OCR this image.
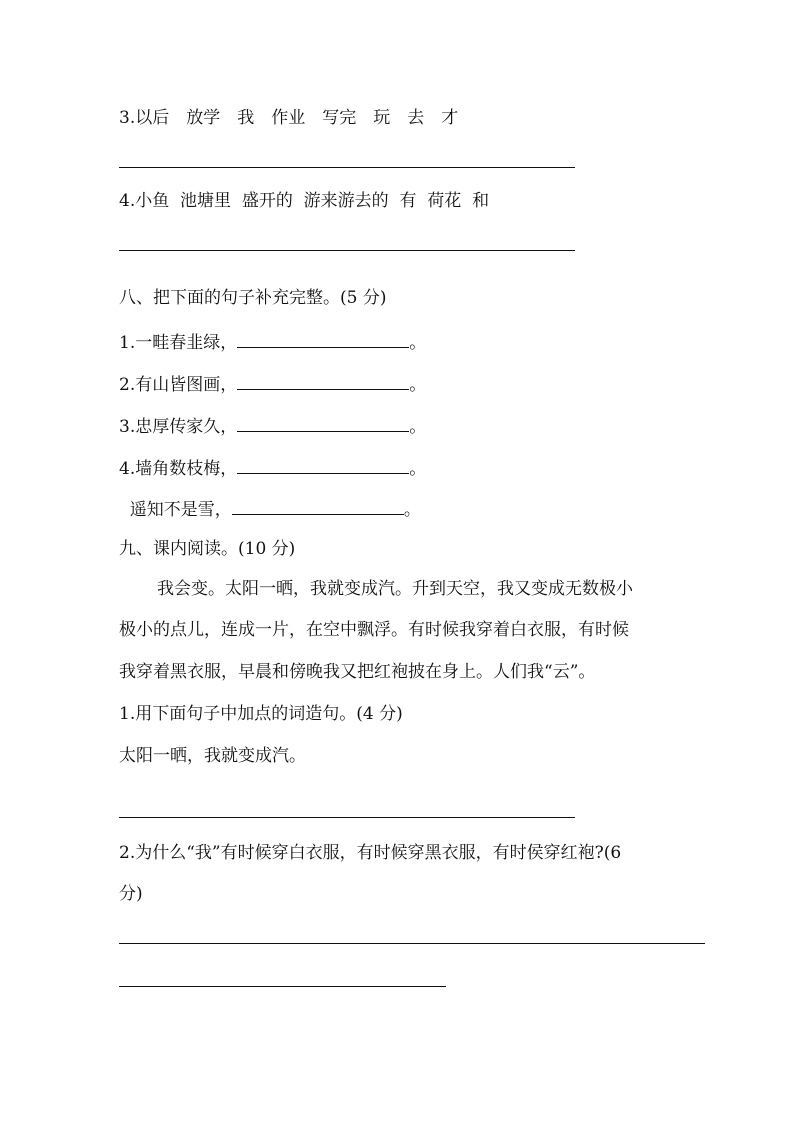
3.以后　放学　我　作业　写完　玩　去　才
4.小鱼  池塘里  盛开的  游来游去的  有  荷花  和
八、把下面的句子补充完整。(5 分)
1.一畦春韭绿，	。
2.有山皆图画，	。
3.忠厚传家久，	。
4.墙角数枝梅，	。
遥知不是雪，	。
九、课内阅读。(10 分)
我会变。太阳一晒，我就变成汽。升到天空，我又变成无数极小
极小的点儿，连成一片，在空中飘浮。有时候我穿着白衣服，有时候
我穿着黑衣服，早晨和傍晚我又把红袍披在身上。人们我“云”。
1.用下面句子中加点的词造句。(4 分)
太阳一晒，我就变成汽。
2.为什么“我”有时候穿白衣服，有时候穿黑衣服，有时侯穿红袍?(6
分)
